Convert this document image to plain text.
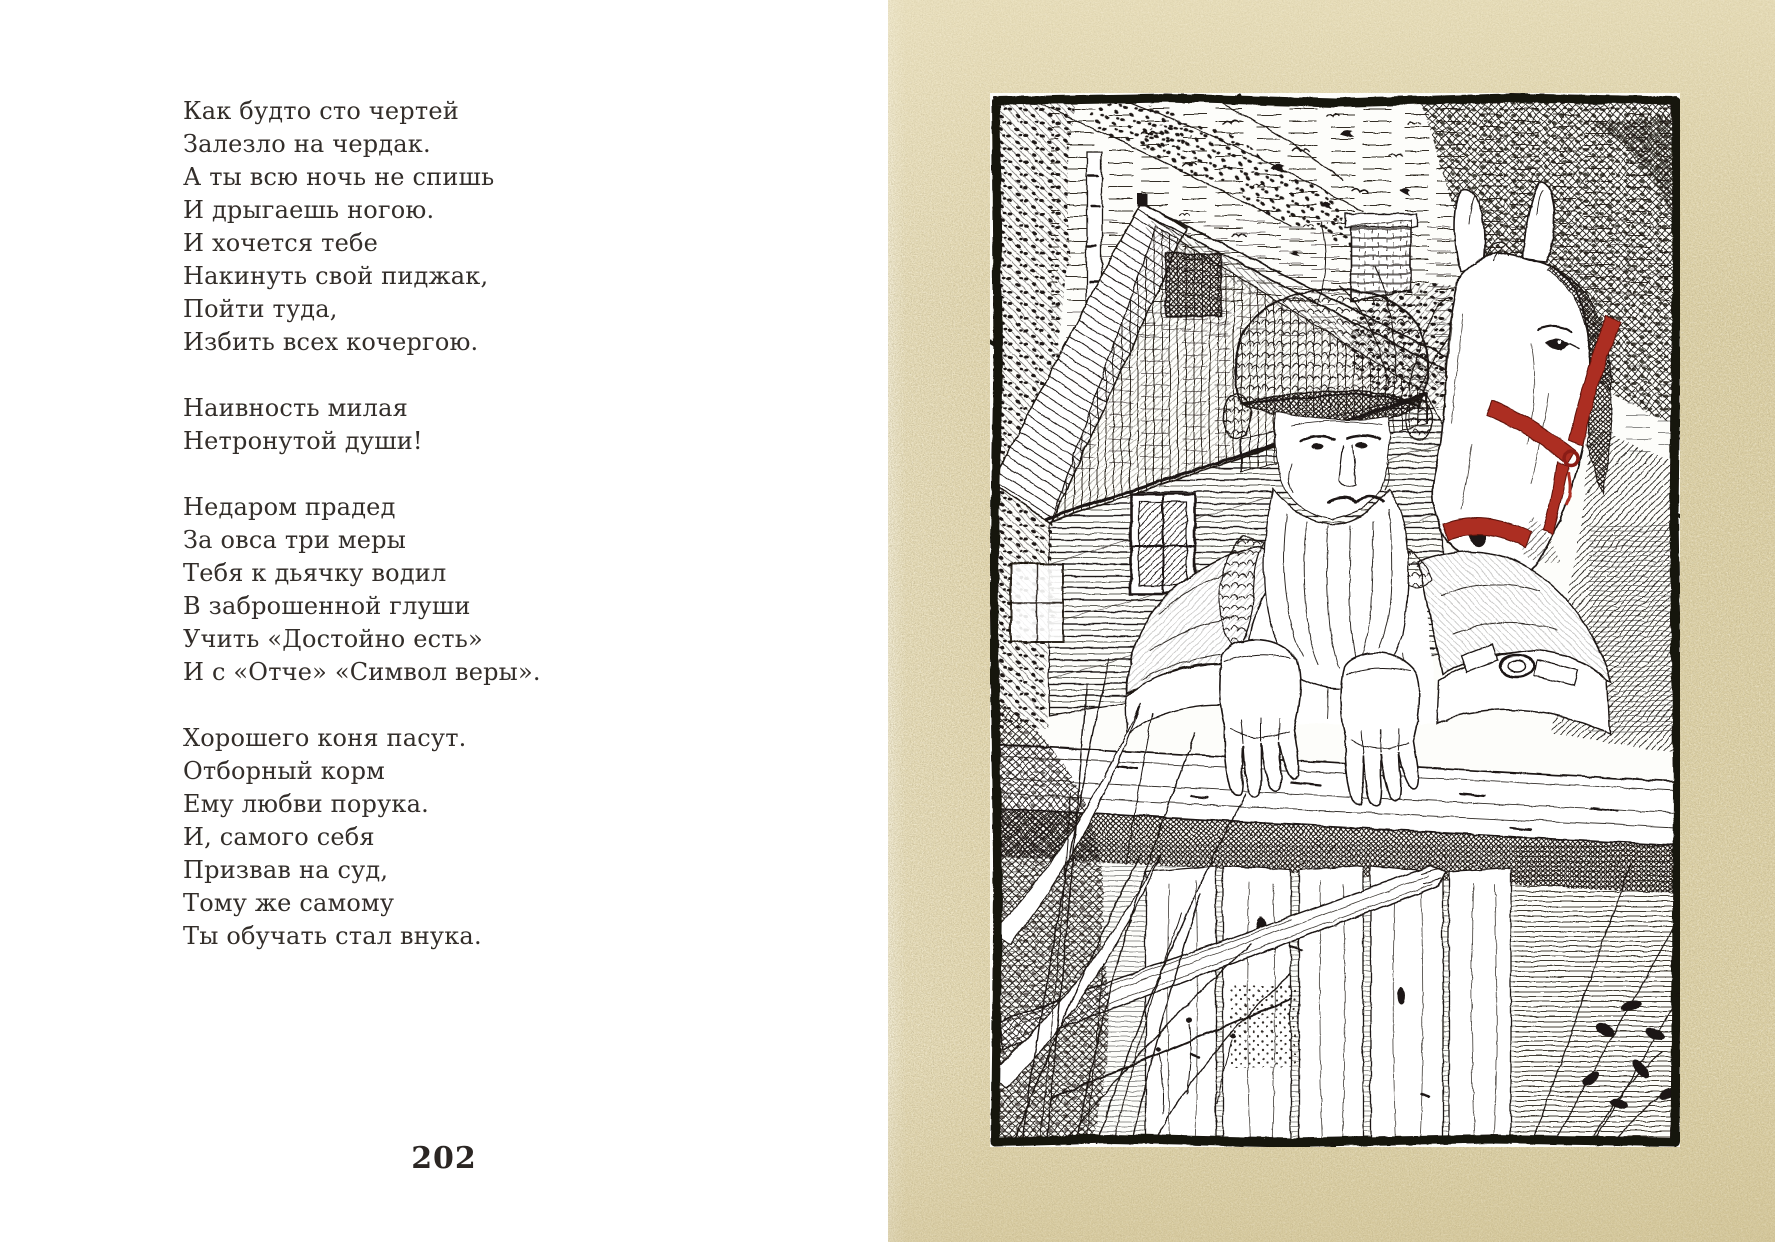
Как будто сто чертей
Залезло на чердак.
А ты всю ночь не спишь
И дрыгаешь ногою.
И хочется тебе
Накинуть свой пиджак,
Пойти туда,
Избить всех кочергою.
Наивность милая
Нетронутой души!
Недаром прадед
За овса три меры
Тебя к дьячку водил
В заброшенной глуши
Учить «Достойно есть»
И с «Отче» «Символ веры».
Хорошего коня пасут.
Отборный корм
Ему любви порука.
И, самого себя
Призвав на суд,
Тому же самому
Ты обучать стал внука.
202
